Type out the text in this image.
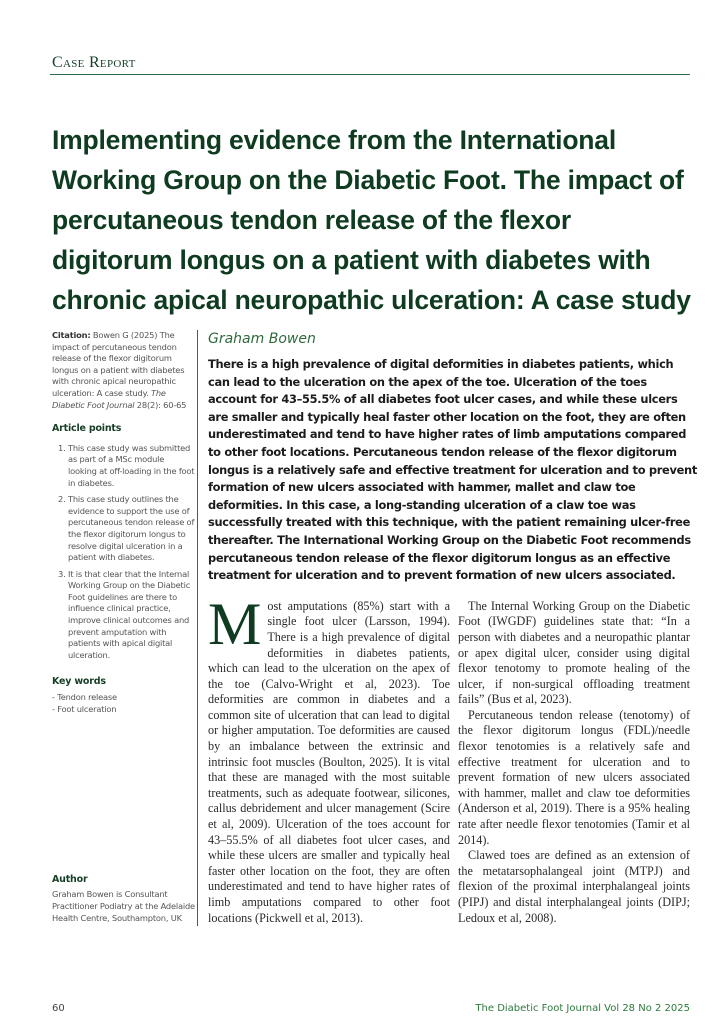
Case Report
Implementing evidence from the International Working Group on the Diabetic Foot. The impact of percutaneous tendon release of the flexor digitorum longus on a patient with diabetes with chronic apical neuropathic ulceration: A case study
Citation: Bowen G (2025) The impact of percutaneous tendon release of the flexor digitorum longus on a patient with diabetes with chronic apical neuropathic ulceration: A case study. The Diabetic Foot Journal 28(2): 60-65
Article points
1. This case study was submitted as part of a MSc module looking at off-loading in the foot in diabetes.
2. This case study outlines the evidence to support the use of percutaneous tendon release of the flexor digitorum longus to resolve digital ulceration in a patient with diabetes.
3. It is that clear that the Internal Working Group on the Diabetic Foot guidelines are there to influence clinical practice, improve clinical outcomes and prevent amputation with patients with apical digital ulceration.
Key words
- Tendon release
- Foot ulceration
Author
Graham Bowen is Consultant Practitioner Podiatry at the Adelaide Health Centre, Southampton, UK
Graham Bowen

There is a high prevalence of digital deformities in diabetes patients, which can lead to the ulceration on the apex of the toe. Ulceration of the toes account for 43–55.5% of all diabetes foot ulcer cases, and while these ulcers are smaller and typically heal faster other location on the foot, they are often underestimated and tend to have higher rates of limb amputations compared to other foot locations. Percutaneous tendon release of the flexor digitorum longus is a relatively safe and effective treatment for ulceration and to prevent formation of new ulcers associated with hammer, mallet and claw toe deformities. In this case, a long-standing ulceration of a claw toe was successfully treated with this technique, with the patient remaining ulcer-free thereafter. The International Working Group on the Diabetic Foot recommends percutaneous tendon release of the flexor digitorum longus as an effective treatment for ulceration and to prevent formation of new ulcers associated.

Most amputations (85%) start with a single foot ulcer (Larsson, 1994). There is a high prevalence of digital deformities in diabetes patients, which can lead to the ulceration on the apex of the toe (Calvo-Wright et al, 2023). Toe deformities are common in diabetes and a common site of ulceration that can lead to digital or higher amputation. Toe deformities are caused by an imbalance between the extrinsic and intrinsic foot muscles (Boulton, 2025). It is vital that these are managed with the most suitable treatments, such as adequate footwear, silicones, callus debridement and ulcer management (Scire et al, 2009). Ulceration of the toes account for 43–55.5% of all diabetes foot ulcer cases, and while these ulcers are smaller and typically heal faster other location on the foot, they are often underestimated and tend to have higher rates of limb amputations compared to other foot locations (Pickwell et al, 2013).

The Internal Working Group on the Diabetic Foot (IWGDF) guidelines state that: “In a person with diabetes and a neuropathic plantar or apex digital ulcer, consider using digital flexor tenotomy to promote healing of the ulcer, if non-surgical offloading treatment fails” (Bus et al, 2023).

Percutaneous tendon release (tenotomy) of the flexor digitorum longus (FDL)/needle flexor tenotomies is a relatively safe and effective treatment for ulceration and to prevent formation of new ulcers associated with hammer, mallet and claw toe deformities (Anderson et al, 2019). There is a 95% healing rate after needle flexor tenotomies (Tamir et al 2014).

Clawed toes are defined as an extension of the metatarsophalangeal joint (MTPJ) and flexion of the proximal interphalangeal joints (PIPJ) and distal interphalangeal joints (DIPJ; Ledoux et al, 2008).

60	The Diabetic Foot Journal Vol 28 No 2 2025
